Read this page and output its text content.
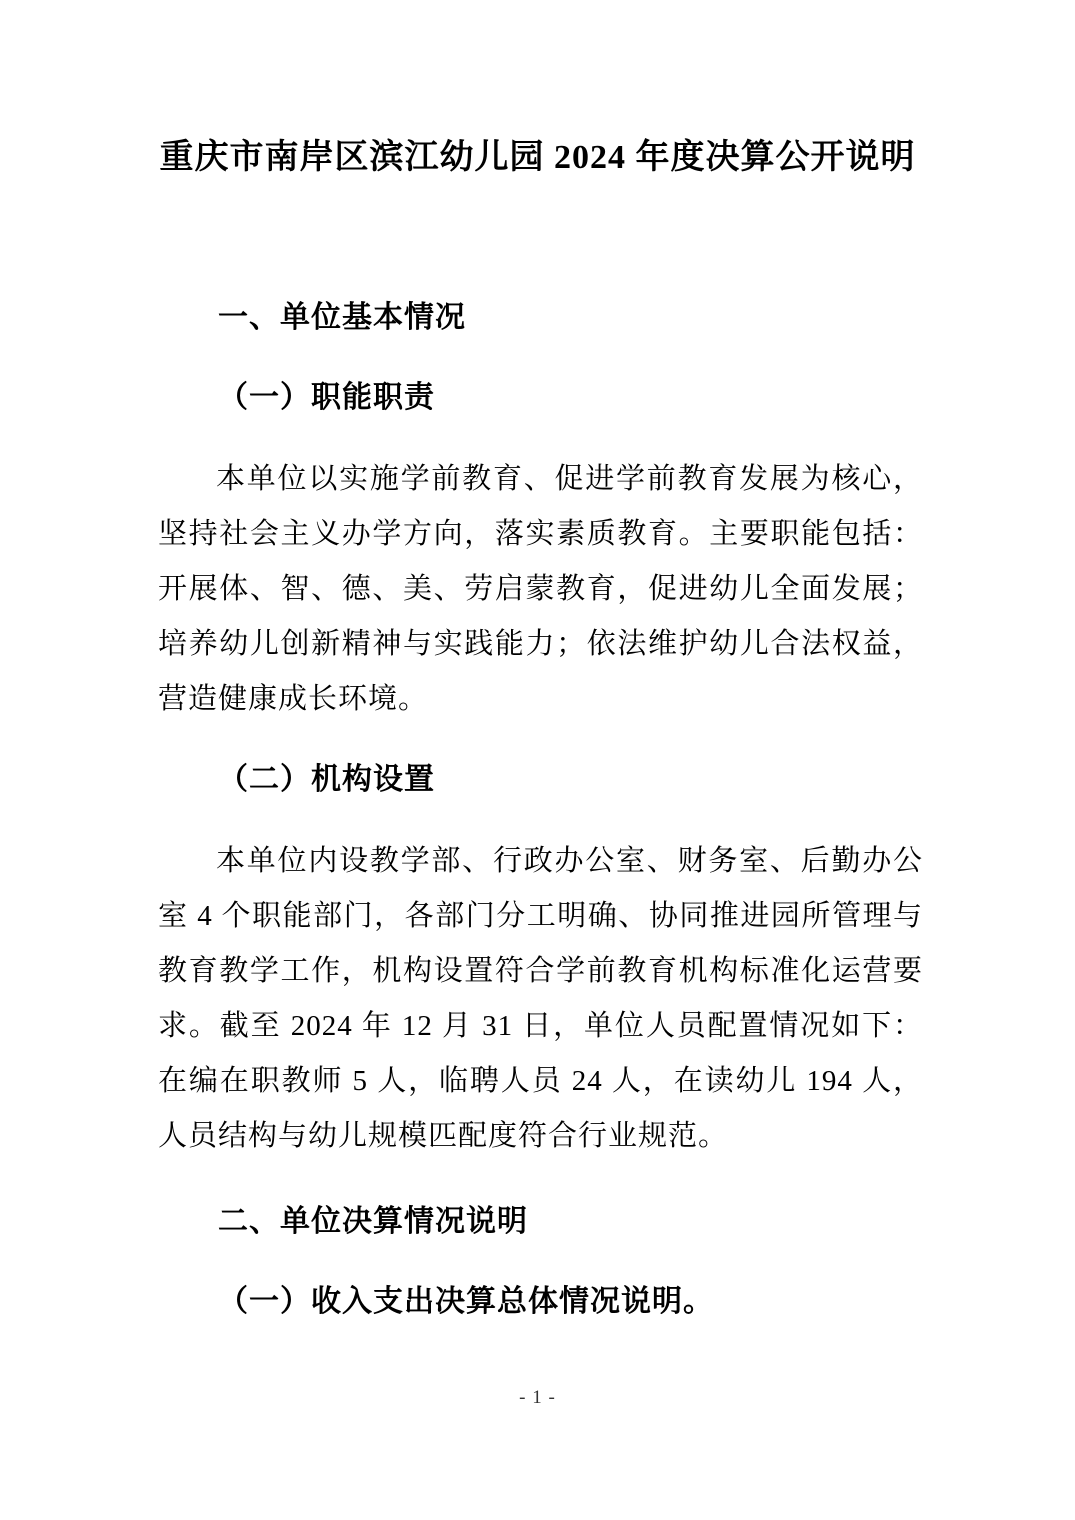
重庆市南岸区滨江幼儿园 2024 年度决算公开说明
一、单位基本情况
（一）职能职责

本单位以实施学前教育、促进学前教育发展为核心，坚持社会主义办学方向，落实素质教育。主要职能包括：开展体、智、德、美、劳启蒙教育，促进幼儿全面发展；培养幼儿创新精神与实践能力；依法维护幼儿合法权益，营造健康成长环境。

（二）机构设置

本单位内设教学部、行政办公室、财务室、后勤办公室 4 个职能部门，各部门分工明确、协同推进园所管理与教育教学工作，机构设置符合学前教育机构标准化运营要求。截至 2024 年 12 月 31 日，单位人员配置情况如下：在编在职教师 5 人，临聘人员 24 人，在读幼儿 194 人，人员结构与幼儿规模匹配度符合行业规范。

二、单位决算情况说明
（一）收入支出决算总体情况说明。
- 1 -
